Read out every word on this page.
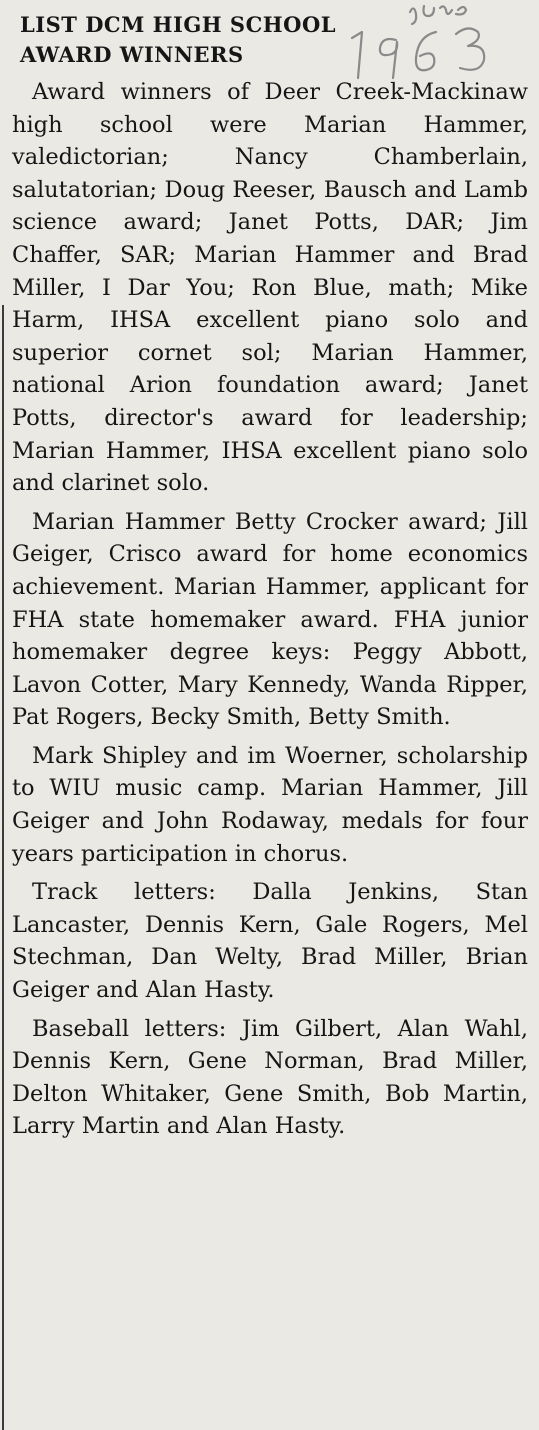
LIST DCM HIGH SCHOOL
AWARD WINNERS

Award winners of Deer Creek-Mackinaw high school were Marian Hammer, valedictorian; Nancy Chamberlain, salutatorian; Doug Reeser, Bausch and Lamb science award; Janet Potts, DAR; Jim Chaffer, SAR; Marian Hammer and Brad Miller, I Dar You; Ron Blue, math; Mike Harm, IHSA excellent piano solo and superior cornet sol; Marian Hammer, national Arion foundation award; Janet Potts, director's award for leadership; Marian Hammer, IHSA excellent piano solo and clarinet solo.

Marian Hammer Betty Crocker award; Jill Geiger, Crisco award for home economics achievement. Marian Hammer, applicant for FHA state homemaker award. FHA junior homemaker degree keys: Peggy Abbott, Lavon Cotter, Mary Kennedy, Wanda Ripper, Pat Rogers, Becky Smith, Betty Smith.

Mark Shipley and im Woerner, scholarship to WIU music camp. Marian Hammer, Jill Geiger and John Rodaway, medals for four years participation in chorus.

Track letters: Dalla Jenkins, Stan Lancaster, Dennis Kern, Gale Rogers, Mel Stechman, Dan Welty, Brad Miller, Brian Geiger and Alan Hasty.

Baseball letters: Jim Gilbert, Alan Wahl, Dennis Kern, Gene Norman, Brad Miller, Delton Whitaker, Gene Smith, Bob Martin, Larry Martin and Alan Hasty.
